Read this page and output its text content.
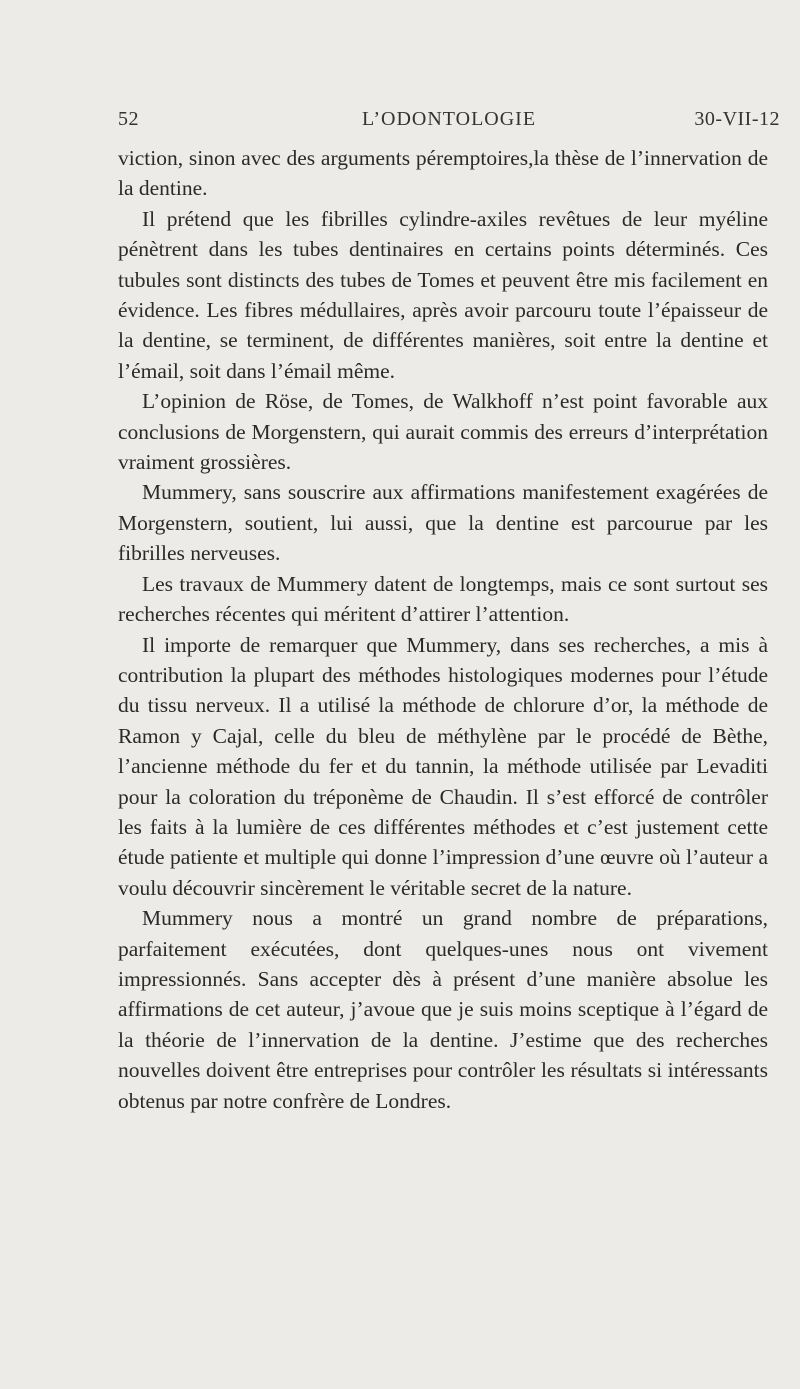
52	L’ODONTOLOGIE	30-VII-12

viction, sinon avec des arguments péremptoires,la thèse de l’innervation de la dentine.

Il prétend que les fibrilles cylindre-axiles revêtues de leur myéline pénètrent dans les tubes dentinaires en certains points déterminés. Ces tubules sont distincts des tubes de Tomes et peuvent être mis facilement en évidence. Les fibres médullaires, après avoir parcouru toute l’épaisseur de la dentine, se terminent, de différentes manières, soit entre la dentine et l’émail, soit dans l’émail même.

L’opinion de Röse, de Tomes, de Walkhoff n’est point favorable aux conclusions de Morgenstern, qui aurait commis des erreurs d’interprétation vraiment grossières.

Mummery, sans souscrire aux affirmations manifestement exagérées de Morgenstern, soutient, lui aussi, que la dentine est parcourue par les fibrilles nerveuses.

Les travaux de Mummery datent de longtemps, mais ce sont surtout ses recherches récentes qui méritent d’attirer l’attention.

Il importe de remarquer que Mummery, dans ses recherches, a mis à contribution la plupart des méthodes histologiques modernes pour l’étude du tissu nerveux. Il a utilisé la méthode de chlorure d’or, la méthode de Ramon y Cajal, celle du bleu de méthylène par le procédé de Bèthe, l’ancienne méthode du fer et du tannin, la méthode utilisée par Levaditi pour la coloration du tréponème de Chaudin. Il s’est efforcé de contrôler les faits à la lumière de ces différentes méthodes et c’est justement cette étude patiente et multiple qui donne l’impression d’une œuvre où l’auteur a voulu découvrir sincèrement le véritable secret de la nature.

Mummery nous a montré un grand nombre de préparations, parfaitement exécutées, dont quelques-unes nous ont vivement impressionnés. Sans accepter dès à présent d’une manière absolue les affirmations de cet auteur, j’avoue que je suis moins sceptique à l’égard de la théorie de l’innervation de la dentine. J’estime que des recherches nouvelles doivent être entreprises pour contrôler les résultats si intéressants obtenus par notre confrère de Londres.
